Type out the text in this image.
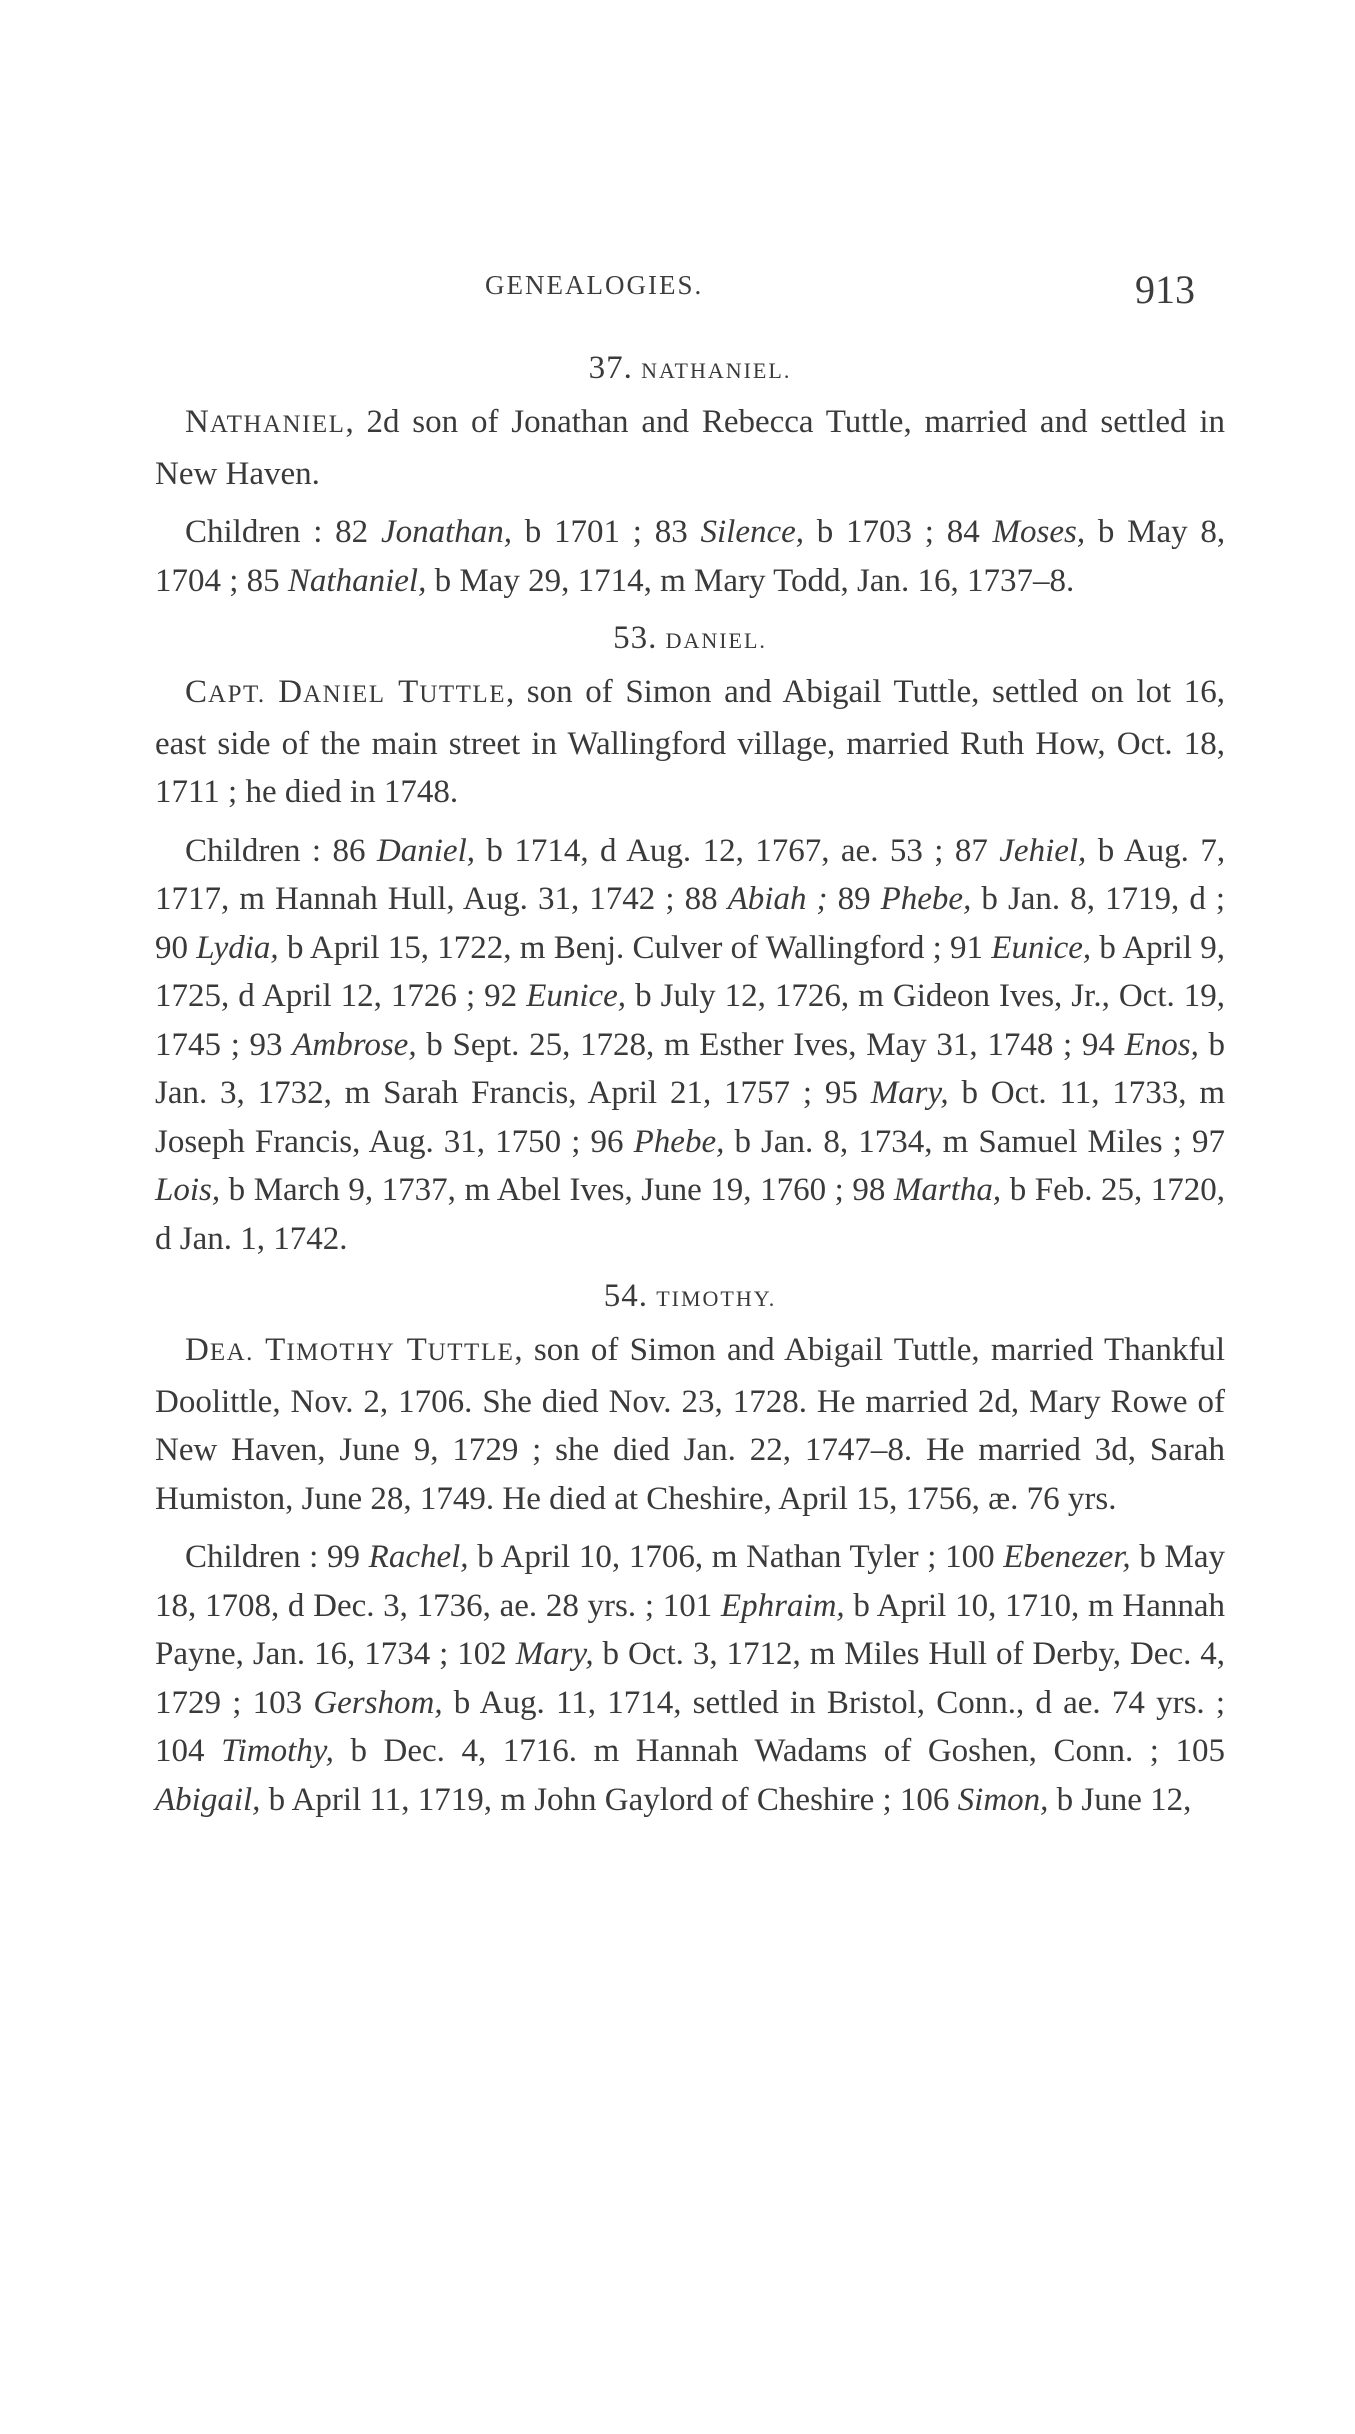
GENEALOGIES.	913
37. NATHANIEL.

NATHANIEL, 2d son of Jonathan and Rebecca Tuttle, married and settled in New Haven.

Children : 82 Jonathan, b 1701 ; 83 Silence, b 1703 ; 84 Moses, b May 8, 1704 ; 85 Nathaniel, b May 29, 1714, m Mary Todd, Jan. 16, 1737–8.

53. DANIEL.

CAPT. DANIEL TUTTLE, son of Simon and Abigail Tuttle, settled on lot 16, east side of the main street in Wallingford village, married Ruth How, Oct. 18, 1711 ; he died in 1748.

Children : 86 Daniel, b 1714, d Aug. 12, 1767, ae. 53 ; 87 Jehiel, b Aug. 7, 1717, m Hannah Hull, Aug. 31, 1742 ; 88 Abiah ; 89 Phebe, b Jan. 8, 1719, d ; 90 Lydia, b April 15, 1722, m Benj. Culver of Wallingford ; 91 Eunice, b April 9, 1725, d April 12, 1726 ; 92 Eunice, b July 12, 1726, m Gideon Ives, Jr., Oct. 19, 1745 ; 93 Ambrose, b Sept. 25, 1728, m Esther Ives, May 31, 1748 ; 94 Enos, b Jan. 3, 1732, m Sarah Francis, April 21, 1757 ; 95 Mary, b Oct. 11, 1733, m Joseph Francis, Aug. 31, 1750 ; 96 Phebe, b Jan. 8, 1734, m Samuel Miles ; 97 Lois, b March 9, 1737, m Abel Ives, June 19, 1760 ; 98 Martha, b Feb. 25, 1720, d Jan. 1, 1742.

54. TIMOTHY.

DEA. TIMOTHY TUTTLE, son of Simon and Abigail Tuttle, married Thankful Doolittle, Nov. 2, 1706. She died Nov. 23, 1728. He married 2d, Mary Rowe of New Haven, June 9, 1729 ; she died Jan. 22, 1747–8. He married 3d, Sarah Humiston, June 28, 1749. He died at Cheshire, April 15, 1756, æ. 76 yrs.

Children : 99 Rachel, b April 10, 1706, m Nathan Tyler ; 100 Ebenezer, b May 18, 1708, d Dec. 3, 1736, ae. 28 yrs. ; 101 Ephraim, b April 10, 1710, m Hannah Payne, Jan. 16, 1734 ; 102 Mary, b Oct. 3, 1712, m Miles Hull of Derby, Dec. 4, 1729 ; 103 Gershom, b Aug. 11, 1714, settled in Bristol, Conn., d ae. 74 yrs. ; 104 Timothy, b Dec. 4, 1716. m Hannah Wadams of Goshen, Conn. ; 105 Abigail, b April 11, 1719, m John Gaylord of Cheshire ; 106 Simon, b June 12,
